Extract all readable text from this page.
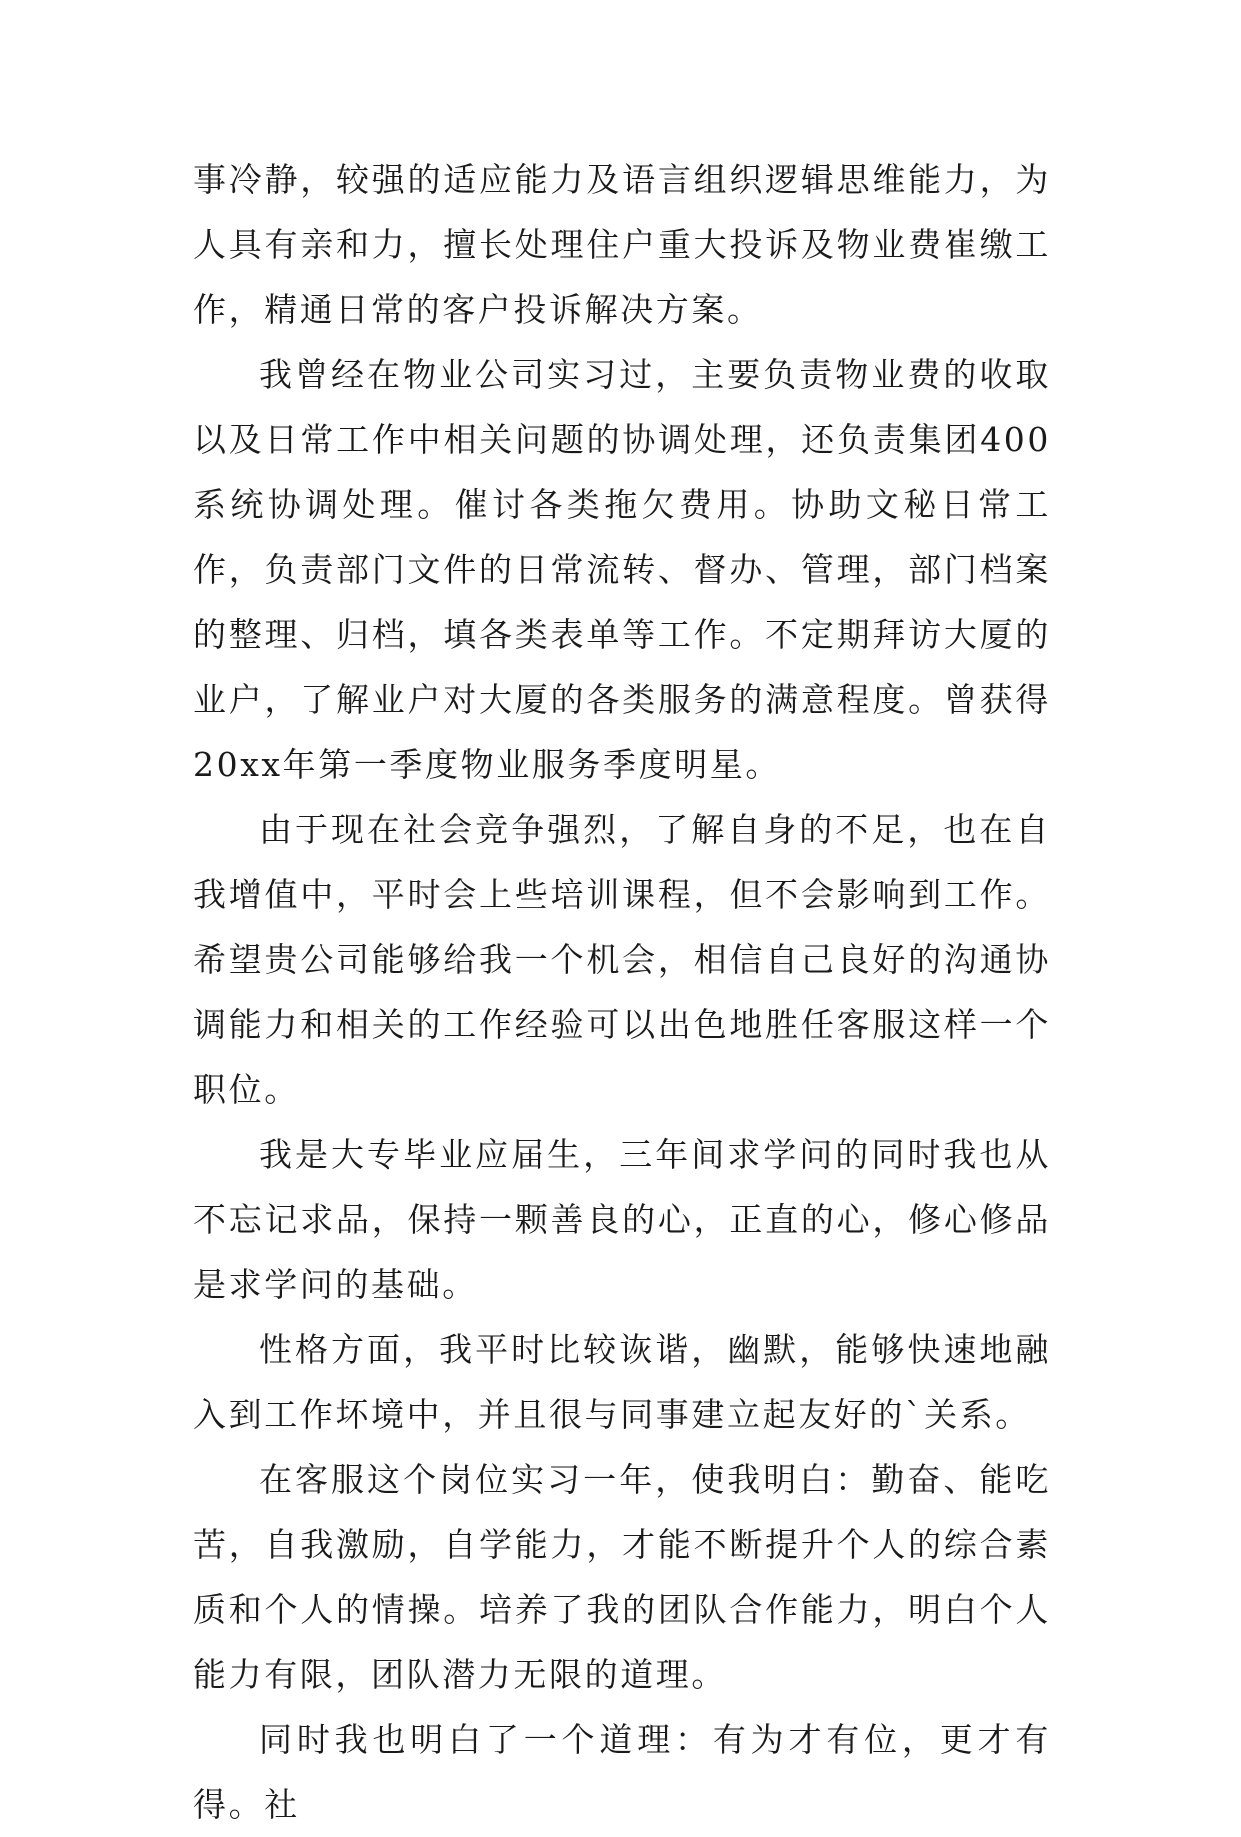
事冷静，较强的适应能力及语言组织逻辑思维能力，为人具有亲和力，擅长处理住户重大投诉及物业费崔缴工作，精通日常的客户投诉解决方案。

我曾经在物业公司实习过，主要负责物业费的收取以及日常工作中相关问题的协调处理，还负责集团400系统协调处理。催讨各类拖欠费用。协助文秘日常工作，负责部门文件的日常流转、督办、管理，部门档案的整理、归档，填各类表单等工作。不定期拜访大厦的业户，了解业户对大厦的各类服务的满意程度。曾获得20xx年第一季度物业服务季度明星。

由于现在社会竞争强烈，了解自身的不足，也在自我增值中，平时会上些培训课程，但不会影响到工作。希望贵公司能够给我一个机会，相信自己良好的沟通协调能力和相关的工作经验可以出色地胜任客服这样一个职位。

我是大专毕业应届生，三年间求学问的同时我也从不忘记求品，保持一颗善良的心，正直的心，修心修品是求学问的基础。

性格方面，我平时比较诙谐，幽默，能够快速地融入到工作坏境中，并且很与同事建立起友好的`关系。

在客服这个岗位实习一年，使我明白：勤奋、能吃苦，自我激励，自学能力，才能不断提升个人的综合素质和个人的情操。培养了我的团队合作能力，明白个人能力有限，团队潜力无限的道理。

同时我也明白了一个道理：有为才有位，更才有得。社
